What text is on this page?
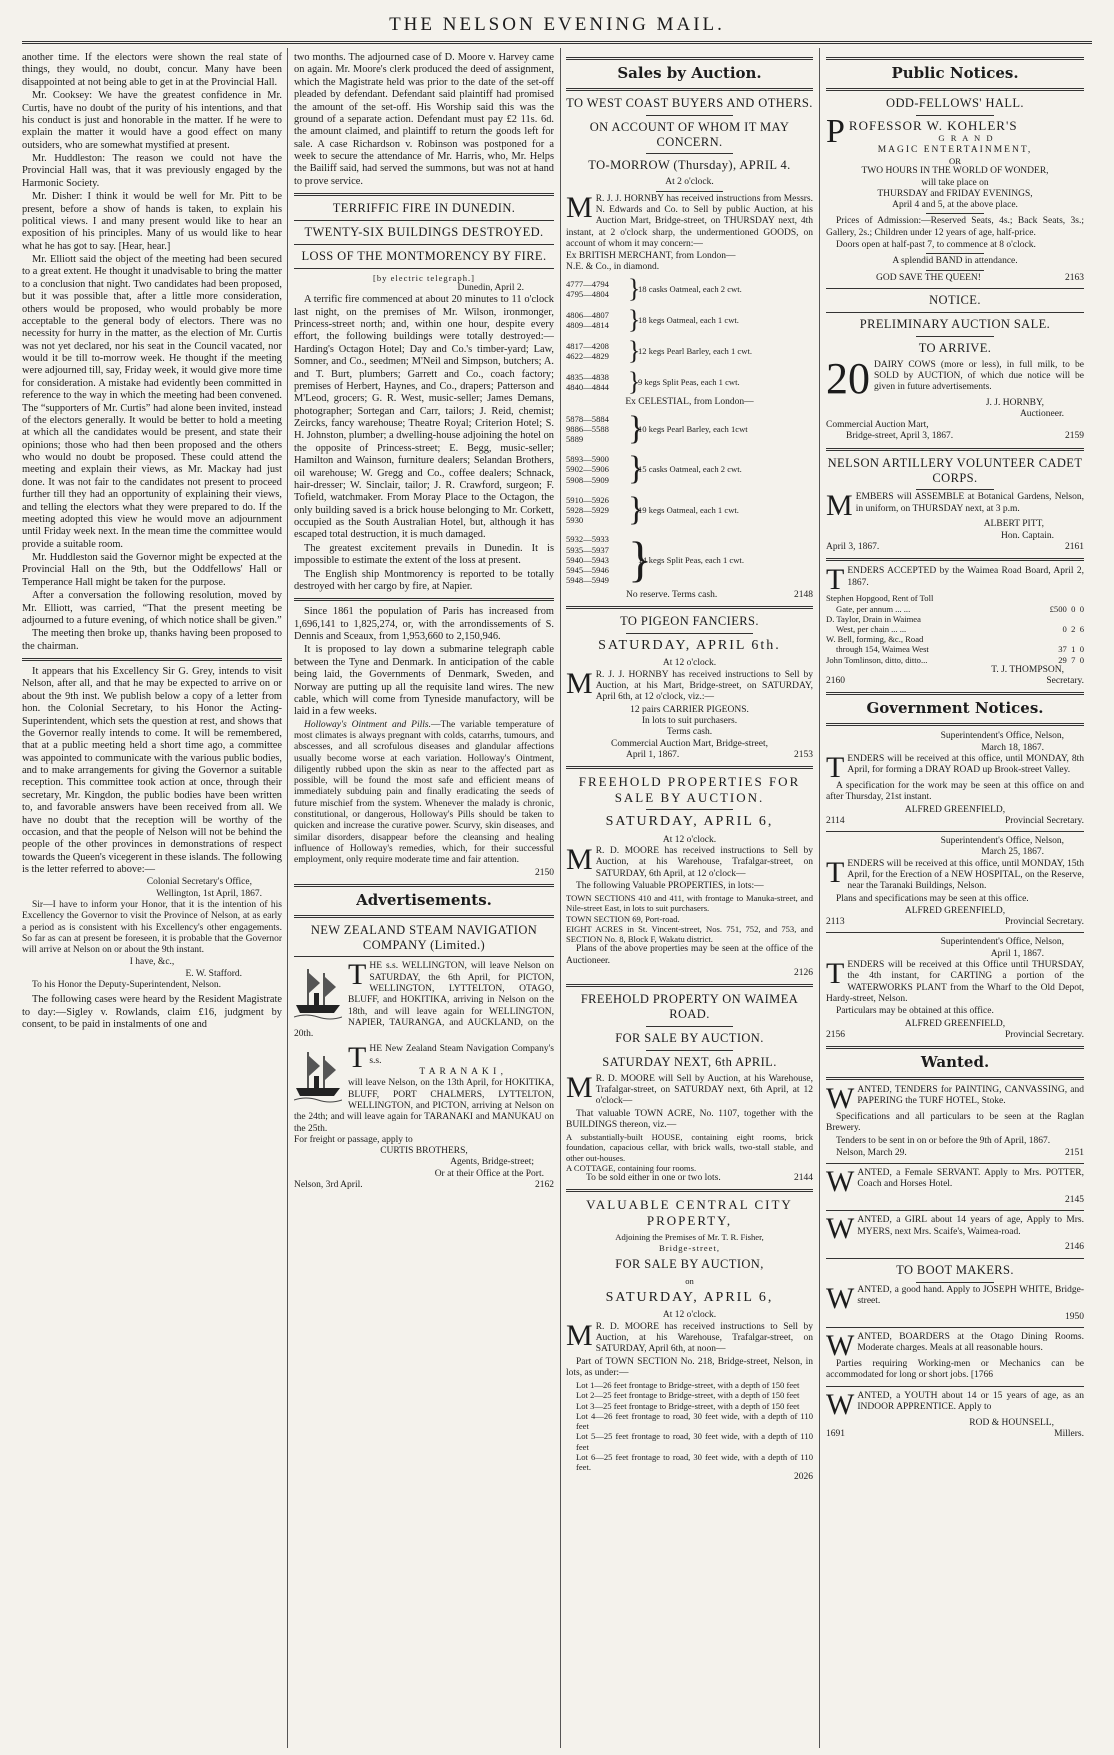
THE NELSON EVENING MAIL.

another time. If the electors were shown the real state of things, they would, no doubt, concur. Many have been disappointed at not being able to get in at the Provincial Hall.

Mr. Cooksey: We have the greatest confidence in Mr. Curtis, have no doubt of the purity of his intentions, and that his conduct is just and honorable in the matter. If he were to explain the matter it would have a good effect on many outsiders, who are somewhat mystified at present.

Mr. Huddleston: The reason we could not have the Provincial Hall was, that it was previously engaged by the Harmonic Society.

Mr. Disher: I think it would be well for Mr. Pitt to be present, before a show of hands is taken, to explain his political views. I and many present would like to hear an exposition of his principles. Many of us would like to hear what he has got to say. [Hear, hear.]

Mr. Elliott said the object of the meeting had been secured to a great extent. He thought it unadvisable to bring the matter to a conclusion that night. Two candidates had been proposed, but it was possible that, after a little more consideration, others would be proposed, who would probably be more acceptable to the general body of electors. There was no necessity for hurry in the matter, as the election of Mr. Curtis was not yet declared, nor his seat in the Council vacated, nor would it be till to-morrow week. He thought if the meeting were adjourned till, say, Friday week, it would give more time for consideration. A mistake had evidently been committed in reference to the way in which the meeting had been convened. The “supporters of Mr. Curtis” had alone been invited, instead of the electors generally. It would be better to hold a meeting at which all the candidates would be present, and state their opinions; those who had then been proposed and the others who would no doubt be proposed. These could attend the meeting and explain their views, as Mr. Mackay had just done. It was not fair to the candidates not present to proceed further till they had an opportunity of explaining their views, and telling the electors what they were prepared to do. If the meeting adopted this view he would move an adjournment until Friday week next. In the mean time the committee would provide a suitable room.

Mr. Huddleston said the Governor might be expected at the Provincial Hall on the 9th, but the Oddfellows' Hall or Temperance Hall might be taken for the purpose.

After a conversation the following resolution, moved by Mr. Elliott, was carried, “That the present meeting be adjourned to a future evening, of which notice shall be given.”

The meeting then broke up, thanks having been proposed to the chairman.

It appears that his Excellency Sir G. Grey, intends to visit Nelson, after all, and that he may be expected to arrive on or about the 9th inst. We publish below a copy of a letter from hon. the Colonial Secretary, to his Honor the Acting-Superintendent, which sets the question at rest, and shows that the Governor really intends to come. It will be remembered, that at a public meeting held a short time ago, a committee was appointed to communicate with the various public bodies, and to make arrangements for giving the Governor a suitable reception. This committee took action at once, through their secretary, Mr. Kingdon, the public bodies have been written to, and favorable answers have been received from all. We have no doubt that the reception will be worthy of the occasion, and that the people of Nelson will not be behind the people of the other provinces in demonstrations of respect towards the Queen's vicegerent in these islands. The following is the letter referred to above:—

Colonial Secretary's Office,
Wellington, 1st April, 1867.

Sir—I have to inform your Honor, that it is the intention of his Excellency the Governor to visit the Province of Nelson, at as early a period as is consistent with his Excellency's other engagements. So far as can at present be foreseen, it is probable that the Governor will arrive at Nelson on or about the 9th instant.

I have, &c.,
E. W. Stafford.
To his Honor the Deputy-Superintendent, Nelson.

The following cases were heard by the Resident Magistrate to day:—Sigley v. Rowlands, claim £16, judgment by consent, to be paid in instalments of one and

two months. The adjourned case of D. Moore v. Harvey came on again. Mr. Moore's clerk produced the deed of assignment, which the Magistrate held was prior to the date of the set-off pleaded by defendant. Defendant said plaintiff had promised the amount of the set-off. His Worship said this was the ground of a separate action. Defendant must pay £2 11s. 6d. the amount claimed, and plaintiff to return the goods left for sale. A case Richardson v. Robinson was postponed for a week to secure the attendance of Mr. Harris, who, Mr. Helps the Bailiff said, had served the summons, but was not at hand to prove service.

TERRIFFIC FIRE IN DUNEDIN.
TWENTY-SIX BUILDINGS DESTROYED.
LOSS OF THE MONTMORENCY BY FIRE.
[by electric telegraph.]
Dunedin, April 2.

A terrific fire commenced at about 20 minutes to 11 o'clock last night, on the premises of Mr. Wilson, ironmonger, Princess-street north; and, within one hour, despite every effort, the following buildings were totally destroyed:—Harding's Octagon Hotel; Day and Co.'s timber-yard; Law, Somner, and Co., seedmen; M'Neil and Simpson, butchers; A. and T. Burt, plumbers; Garrett and Co., coach factory; premises of Herbert, Haynes, and Co., drapers; Patterson and M'Leod, grocers; G. R. West, music-seller; James Demans, photographer; Sortegan and Carr, tailors; J. Reid, chemist; Zeircks, fancy warehouse; Theatre Royal; Criterion Hotel; S. H. Johnston, plumber; a dwelling-house adjoining the hotel on the opposite of Princess-street; E. Begg, music-seller; Hamilton and Wainson, furniture dealers; Selandan Brothers, oil warehouse; W. Gregg and Co., coffee dealers; Schnack, hair-dresser; W. Sinclair, tailor; J. R. Crawford, surgeon; F. Tofield, watchmaker. From Moray Place to the Octagon, the only building saved is a brick house belonging to Mr. Corkett, occupied as the South Australian Hotel, but, although it has escaped total destruction, it is much damaged.

The greatest excitement prevails in Dunedin. It is impossible to estimate the extent of the loss at present.

The English ship Montmorency is reported to be totally destroyed with her cargo by fire, at Napier.

Since 1861 the population of Paris has increased from 1,696,141 to 1,825,274, or, with the arrondissements of S. Dennis and Sceaux, from 1,953,660 to 2,150,946.

It is proposed to lay down a submarine telegraph cable between the Tyne and Denmark. In anticipation of the cable being laid, the Governments of Denmark, Sweden, and Norway are putting up all the requisite land wires. The new cable, which will come from Tyneside manufactory, will be laid in a few weeks.

Holloway's Ointment and Pills.—The variable temperature of most climates is always pregnant with colds, catarrhs, tumours, and abscesses, and all scrofulous diseases and glandular affections usually become worse at each variation. Holloway's Ointment, diligently rubbed upon the skin as near to the affected part as possible, will be found the most safe and efficient means of immediately subduing pain and finally eradicating the seeds of future mischief from the system. Whenever the malady is chronic, constitutional, or dangerous, Holloway's Pills should be taken to quicken and increase the curative power. Scurvy, skin diseases, and similar disorders, disappear before the cleansing and healing influence of Holloway's remedies, which, for their successful employment, only require moderate time and fair attention.

2150
Advertisements.
NEW ZEALAND STEAM NAVIGATION COMPANY (Limited.)
THE s.s. WELLINGTON, will leave Nelson on SATURDAY, the 6th April, for PICTON, WELLINGTON, LYTTELTON, OTAGO, BLUFF, and HOKITIKA, arriving in Nelson on the 18th, and will leave again for WELLINGTON, NAPIER, TAURANGA, and AUCKLAND, on the 20th.
THE New Zealand Steam Navigation Company's s.s.
T A R A N A K I ,
will leave Nelson, on the 13th April, for HOKITIKA, BLUFF, PORT CHALMERS, LYTTELTON, WELLINGTON, and PICTON, arriving at Nelson on the 24th; and will leave again for TARANAKI and MANUKAU on the 25th.
For freight or passage, apply to
CURTIS BROTHERS,
Agents, Bridge-street;
Or at their Office at the Port.
Nelson, 3rd April.	2162
Sales by Auction.
TO WEST COAST BUYERS AND OTHERS.
ON ACCOUNT OF WHOM IT MAY CONCERN.
TO-MORROW (Thursday), APRIL 4.
At 2 o'clock.

M R. J. J. HORNBY has received instructions from Messrs. N. Edwards and Co. to Sell by public Auction, at his Auction Mart, Bridge-street, on THURSDAY next, 4th instant, at 2 o'clock sharp, the undermentioned GOODS, on account of whom it may concern:—

Ex BRITISH MERCHANT, from London—
N.E. & Co., in diamond.
4777—4794
4795—4804 }
18 casks Oatmeal, each 2 cwt.
4806—4807
4809—4814 }
18 kegs Oatmeal, each 1 cwt.
4817—4208
4622—4829 }
12 kegs Pearl Barley, each 1 cwt.
4835—4838
4840—4844 }
9 kegs Split Peas, each 1 cwt.
Ex CELESTIAL, from London—
5878—5884
9886—5588
5889	}
10 kegs Pearl Barley, each 1cwt
5893—5900
5902—5906
5908—5909 }
15 casks Oatmeal, each 2 cwt.
5910—5926
5928—5929
5930	}
19 kegs Oatmeal, each 1 cwt.
5932—5933
5935—5937
5940—5943
5945—5946
5948—5949 }
14 kegs Split Peas, each 1 cwt.
No reserve. Terms cash.	2148
TO PIGEON FANCIERS.
SATURDAY, APRIL 6th.
At 12 o'clock.

M R. J. J. HORNBY has received instructions to Sell by Auction, at his Mart, Bridge-street, on SATURDAY, April 6th, at 12 o'clock, viz.:—

12 pairs CARRIER PIGEONS.
In lots to suit purchasers.
Terms cash.
Commercial Auction Mart, Bridge-street,
April 1, 1867.	2153
FREEHOLD PROPERTIES FOR SALE BY AUCTION.
SATURDAY, APRIL 6,
At 12 o'clock.

M R. D. MOORE has received instructions to Sell by Auction, at his Warehouse, Trafalgar-street, on SATURDAY, 6th April, at 12 o'clock—

The following Valuable PROPERTIES, in lots:—

TOWN SECTIONS 410 and 411, with frontage to Manuka-street, and Nile-street East, in lots to suit purchasers.
TOWN SECTION 69, Port-road.
EIGHT ACRES in St. Vincent-street, Nos. 751, 752, and 753, and SECTION No. 8, Block F, Wakatu district.

Plans of the above properties may be seen at the office of the Auctioneer.

2126
FREEHOLD PROPERTY ON WAIMEA ROAD.
FOR SALE BY AUCTION.
SATURDAY NEXT, 6th APRIL.

M R. D. MOORE will Sell by Auction, at his Warehouse, Trafalgar-street, on SATURDAY next, 6th April, at 12 o'clock—

That valuable TOWN ACRE, No. 1107, together with the BUILDINGS thereon, viz.—

A substantially-built HOUSE, containing eight rooms, brick foundation, capacious cellar, with brick walls, two-stall stable, and other out-houses.
A COTTAGE, containing four rooms.
To be sold either in one or two lots.	2144
VALUABLE CENTRAL CITY PROPERTY,
Adjoining the Premises of Mr. T. R. Fisher,
Bridge-street,
FOR SALE BY AUCTION,
on
SATURDAY, APRIL 6,
At 12 o'clock.

M R. D. MOORE has received instructions to Sell by Auction, at his Warehouse, Trafalgar-street, on SATURDAY, April 6th, at noon—

Part of TOWN SECTION No. 218, Bridge-street, Nelson, in lots, as under:—

Lot 1—26 feet frontage to Bridge-street, with a depth of 150 feet
Lot 2—25 feet frontage to Bridge-street, with a depth of 150 feet
Lot 3—25 feet frontage to Bridge-street, with a depth of 150 feet
Lot 4—26 feet frontage to road, 30 feet wide, with a depth of 110 feet
Lot 5—25 feet frontage to road, 30 feet wide, with a depth of 110 feet
Lot 6—25 feet frontage to road, 30 feet wide, with a depth of 110 feet.
2026
Public Notices.
ODD-FELLOWS' HALL.
PROFESSOR W. KOHLER'S
G R A N D
MAGIC ENTERTAINMENT,
OR
TWO HOURS IN THE WORLD OF WONDER,
will take place on
THURSDAY and FRIDAY EVENINGS,
April 4 and 5, at the above place.

Prices of Admission:—Reserved Seats, 4s.; Back Seats, 3s.; Gallery, 2s.; Children under 12 years of age, half-price.

Doors open at half-past 7, to commence at 8 o'clock.

A splendid BAND in attendance.
GOD SAVE THE QUEEN!	2163
NOTICE.
PRELIMINARY AUCTION SALE.
TO ARRIVE.

20 DAIRY COWS (more or less), in full milk, to be SOLD by AUCTION, of which due notice will be given in future advertisements.

J. J. HORNBY,
Auctioneer.
Commercial Auction Mart,
Bridge-street, April 3, 1867.	2159
NELSON ARTILLERY VOLUNTEER CADET CORPS.

MEMBERS will ASSEMBLE at Botanical Gardens, Nelson, in uniform, on THURSDAY next, at 3 p.m.

ALBERT PITT,
Hon. Captain.
April 3, 1867.	2161

TENDERS ACCEPTED by the Waimea Road Board, April 2, 1867.

Stephen Hopgood, Rent of Toll
Gate, per annum ... ...	£500  0  0
D. Taylor, Drain in Waimea
West, per chain ... ...	0  2  6
W. Bell, forming, &c., Road
through 154, Waimea West	37  1  0
John Tomlinson, ditto, ditto...	29  7  0
T. J. THOMPSON,
2160	Secretary.
Government Notices.
Superintendent's Office, Nelson,
March 18, 1867.

TENDERS will be received at this office, until MONDAY, 8th April, for forming a DRAY ROAD up Brook-street Valley.

A specification for the work may be seen at this office on and after Thursday, 21st instant.

ALFRED GREENFIELD,
2114	Provincial Secretary.
Superintendent's Office, Nelson,
March 25, 1867.

TENDERS will be received at this office, until MONDAY, 15th April, for the Erection of a NEW HOSPITAL, on the Reserve, near the Taranaki Buildings, Nelson.

Plans and specifications may be seen at this office.

ALFRED GREENFIELD,
2113	Provincial Secretary.
Superintendent's Office, Nelson,
April 1, 1867.

TENDERS will be received at this Office until THURSDAY, the 4th instant, for CARTING a portion of the WATERWORKS PLANT from the Wharf to the Old Depot, Hardy-street, Nelson.

Particulars may be obtained at this office.

ALFRED GREENFIELD,
2156	Provincial Secretary.
Wanted.

WANTED, TENDERS for PAINTING, CANVASSING, and PAPERING the TURF HOTEL, Stoke.

Specifications and all particulars to be seen at the Raglan Brewery.

Tenders to be sent in on or before the 9th of April, 1867.

Nelson, March 29.	2151

WANTED, a Female SERVANT. Apply to Mrs. POTTER, Coach and Horses Hotel.

2145

WANTED, a GIRL about 14 years of age, Apply to Mrs. MYERS, next Mrs. Scaife's, Waimea-road.

2146
TO BOOT MAKERS.

WANTED, a good hand. Apply to JOSEPH WHITE, Bridge-street.

1950

WANTED, BOARDERS at the Otago Dining Rooms. Moderate charges. Meals at all reasonable hours.

Parties requiring Working-men or Mechanics can be accommodated for long or short jobs. [1766

WANTED, a YOUTH about 14 or 15 years of age, as an INDOOR APPRENTICE. Apply to

ROD & HOUNSELL,
1691	Millers.
